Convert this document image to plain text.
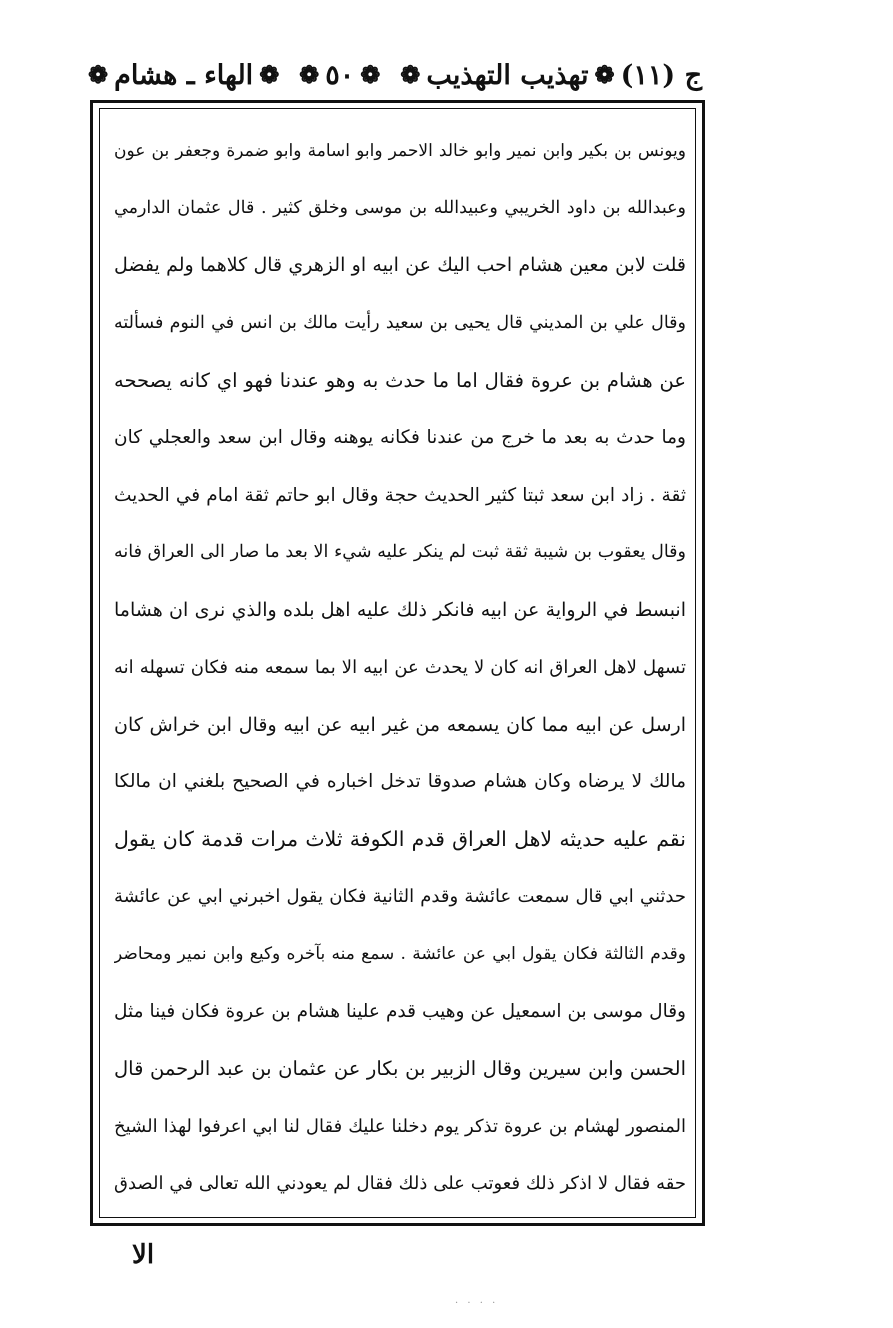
ج (١١)
❁
تهذيب التهذيب
❁
❁
٥٠
❁
❁
الهاء ـ هشام
❁
ويونس بن بكير وابن نمير وابو خالد الاحمر وابو اسامة وابو ضمرة وجعفر بن عون
وعبدالله بن داود الخريبي وعبيدالله بن موسى وخلق كثير . قال عثمان الدارمي
قلت لابن معين هشام احب اليك عن ابيه او الزهري قال كلاهما ولم يفضل
وقال علي بن المديني قال يحيى بن سعيد رأيت مالك بن انس في النوم فسألته
عن هشام بن عروة فقال اما ما حدث به وهو عندنا فهو اي كانه يصححه
وما حدث به بعد ما خرج من عندنا فكانه يوهنه وقال ابن سعد والعجلي كان
ثقة . زاد ابن سعد ثبتا كثير الحديث حجة وقال ابو حاتم ثقة امام في الحديث
وقال يعقوب بن شيبة ثقة ثبت لم ينكر عليه شيء الا بعد ما صار الى العراق فانه
انبسط في الرواية عن ابيه فانكر ذلك عليه اهل بلده والذي نرى ان هشاما
تسهل لاهل العراق انه كان لا يحدث عن ابيه الا بما سمعه منه فكان تسهله انه
ارسل عن ابيه مما كان يسمعه من غير ابيه عن ابيه وقال ابن خراش كان
مالك لا يرضاه وكان هشام صدوقا تدخل اخباره في الصحيح بلغني ان مالكا
نقم عليه حديثه لاهل العراق قدم الكوفة ثلاث مرات قدمة كان يقول
حدثني ابي قال سمعت عائشة وقدم الثانية فكان يقول اخبرني ابي عن عائشة
وقدم الثالثة فكان يقول ابي عن عائشة . سمع منه بآخره وكيع وابن نمير ومحاضر
وقال موسى بن اسمعيل عن وهيب قدم علينا هشام بن عروة فكان فينا مثل
الحسن وابن سيرين وقال الزبير بن بكار عن عثمان بن عبد الرحمن قال
المنصور لهشام بن عروة تذكر يوم دخلنا عليك فقال لنا ابي اعرفوا لهذا الشيخ
حقه فقال لا اذكر ذلك فعوتب على ذلك فقال لم يعودني الله تعالى في الصدق
الا
· · · ·
